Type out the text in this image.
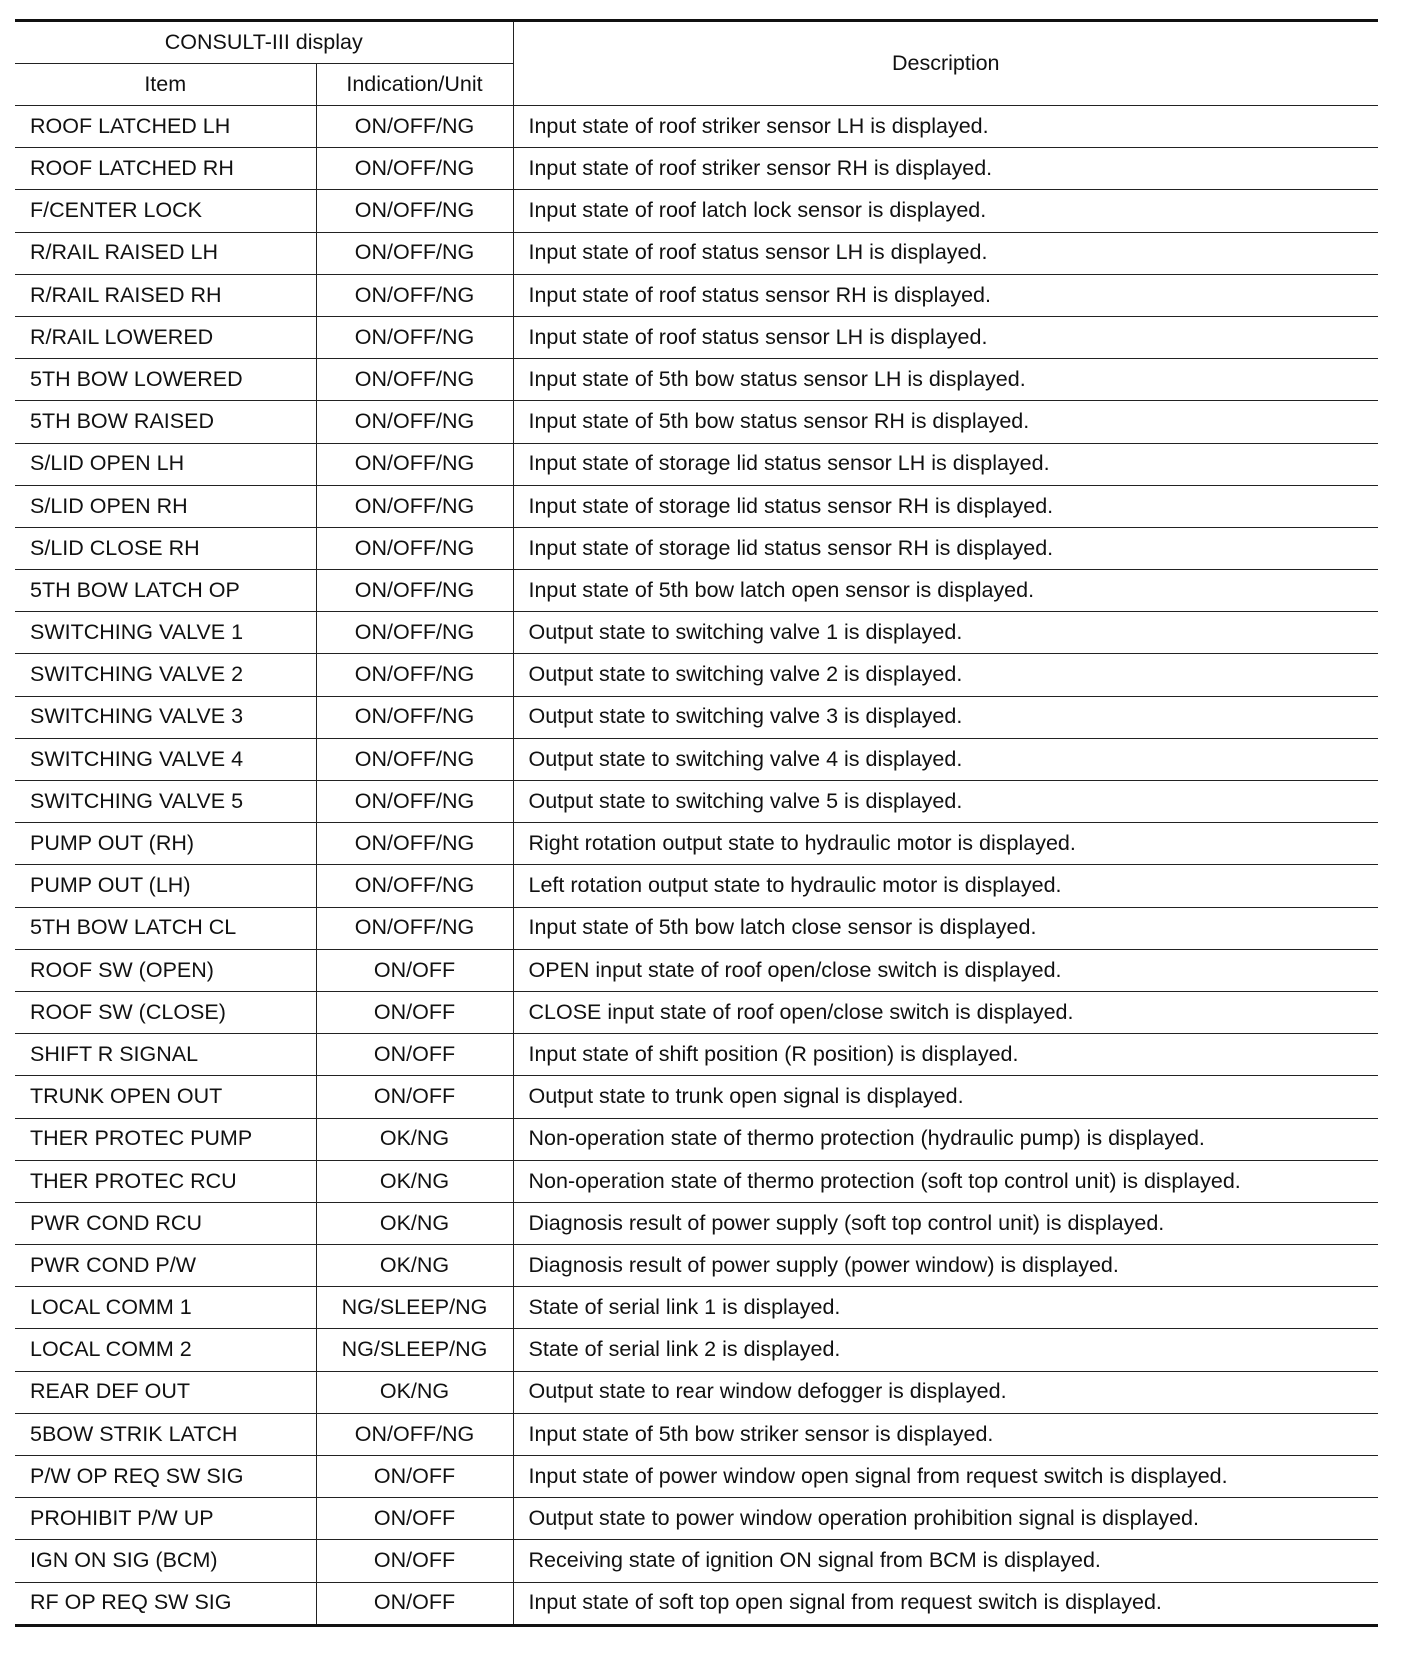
CONSULT-III display		Description
Item	Indication/Unit	
ROOF LATCHED LH	ON/OFF/NG	Input state of roof striker sensor LH is displayed.
ROOF LATCHED RH	ON/OFF/NG	Input state of roof striker sensor RH is displayed.
F/CENTER LOCK	ON/OFF/NG	Input state of roof latch lock sensor is displayed.
R/RAIL RAISED LH	ON/OFF/NG	Input state of roof status sensor LH is displayed.
R/RAIL RAISED RH	ON/OFF/NG	Input state of roof status sensor RH is displayed.
R/RAIL LOWERED	ON/OFF/NG	Input state of roof status sensor LH is displayed.
5TH BOW LOWERED	ON/OFF/NG	Input state of 5th bow status sensor LH is displayed.
5TH BOW RAISED	ON/OFF/NG	Input state of 5th bow status sensor RH is displayed.
S/LID OPEN LH	ON/OFF/NG	Input state of storage lid status sensor LH is displayed.
S/LID OPEN RH	ON/OFF/NG	Input state of storage lid status sensor RH is displayed.
S/LID CLOSE RH	ON/OFF/NG	Input state of storage lid status sensor RH is displayed.
5TH BOW LATCH OP	ON/OFF/NG	Input state of 5th bow latch open sensor is displayed.
SWITCHING VALVE 1	ON/OFF/NG	Output state to switching valve 1 is displayed.
SWITCHING VALVE 2	ON/OFF/NG	Output state to switching valve 2 is displayed.
SWITCHING VALVE 3	ON/OFF/NG	Output state to switching valve 3 is displayed.
SWITCHING VALVE 4	ON/OFF/NG	Output state to switching valve 4 is displayed.
SWITCHING VALVE 5	ON/OFF/NG	Output state to switching valve 5 is displayed.
PUMP OUT (RH)	ON/OFF/NG	Right rotation output state to hydraulic motor is displayed.
PUMP OUT (LH)	ON/OFF/NG	Left rotation output state to hydraulic motor is displayed.
5TH BOW LATCH CL	ON/OFF/NG	Input state of 5th bow latch close sensor is displayed.
ROOF SW (OPEN)	ON/OFF	OPEN input state of roof open/close switch is displayed.
ROOF SW (CLOSE)	ON/OFF	CLOSE input state of roof open/close switch is displayed.
SHIFT R SIGNAL	ON/OFF	Input state of shift position (R position) is displayed.
TRUNK OPEN OUT	ON/OFF	Output state to trunk open signal is displayed.
THER PROTEC PUMP	OK/NG	Non-operation state of thermo protection (hydraulic pump) is displayed.
THER PROTEC RCU	OK/NG	Non-operation state of thermo protection (soft top control unit) is displayed.
PWR COND RCU	OK/NG	Diagnosis result of power supply (soft top control unit) is displayed.
PWR COND P/W	OK/NG	Diagnosis result of power supply (power window) is displayed.
LOCAL COMM 1	NG/SLEEP/NG	State of serial link 1 is displayed.
LOCAL COMM 2	NG/SLEEP/NG	State of serial link 2 is displayed.
REAR DEF OUT	OK/NG	Output state to rear window defogger is displayed.
5BOW STRIK LATCH	ON/OFF/NG	Input state of 5th bow striker sensor is displayed.
P/W OP REQ SW SIG	ON/OFF	Input state of power window open signal from request switch is displayed.
PROHIBIT P/W UP	ON/OFF	Output state to power window operation prohibition signal is displayed.
IGN ON SIG (BCM)	ON/OFF	Receiving state of ignition ON signal from BCM is displayed.
RF OP REQ SW SIG	ON/OFF	Input state of soft top open signal from request switch is displayed.
